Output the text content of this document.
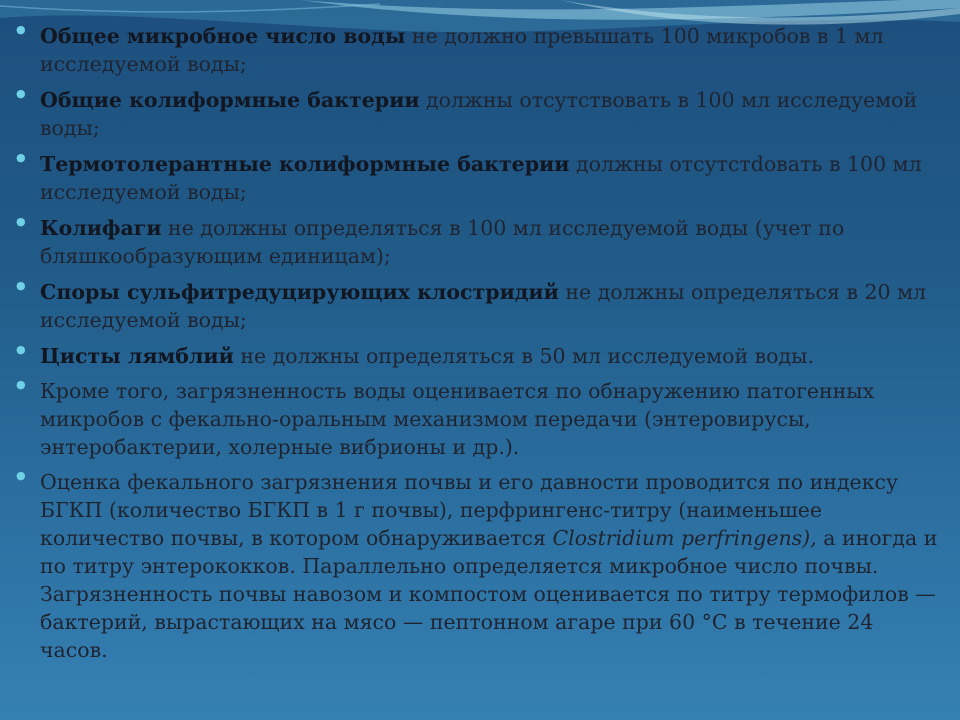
● Общее микробное число воды не должно превышать 100 микробов в 1 мл исследуемой воды;
● Общие колиформные бактерии должны отсутствовать в 100 мл исследуемой воды;
● Термотолерантные колиформные бактерии должны отсутстdовать в 100 мл исследуемой воды;
● Колифаги не должны определяться в 100 мл исследуемой воды (учет по бляшкообразующим единицам);
● Споры сульфитредуцирующих клостридий не должны определяться в 20 мл исследуемой воды;
● Цисты лямблий не должны определяться в 50 мл исследуемой воды.
● Кроме того, загрязненность воды оценивается по обнаружению патогенных микробов с фекально-оральным механизмом передачи (энтеровирусы, энтеробактерии, холерные вибрионы и др.).
● Оценка фекального загрязнения почвы и его давности проводится по индексу БГКП (количество БГКП в 1 г почвы), перфрингенс-титру (наименьшее количество почвы, в котором обнаруживается Clostridium perfringens), а иногда и по титру энтерококков. Параллельно определяется микробное число почвы. Загрязненность почвы навозом и компостом оценивается по титру термофилов — бактерий, вырастающих на мясо — пептонном агаре при 60 °С в течение 24 часов.
